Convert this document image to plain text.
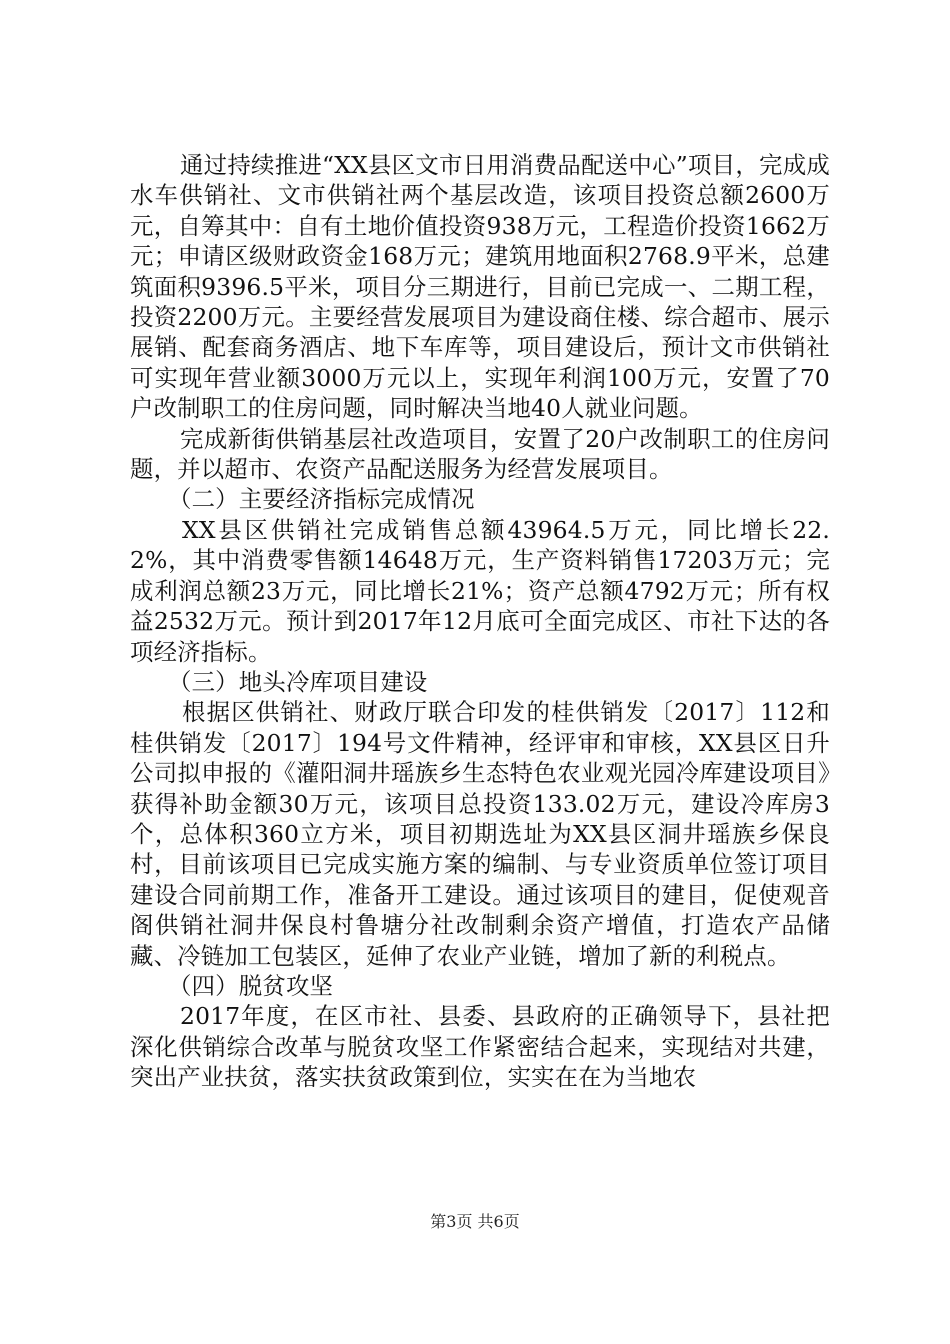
通过持续推进“XX县区文市日用消费品配送中心”项目，完成成水车供销社、文市供销社两个基层改造，该项目投资总额2600万元，自筹其中：自有土地价值投资938万元，工程造价投资1662万元；申请区级财政资金168万元；建筑用地面积2768.9平米，总建筑面积9396.5平米，项目分三期进行，目前已完成一、二期工程，投资2200万元。主要经营发展项目为建设商住楼、综合超市、展示展销、配套商务酒店、地下车库等，项目建设后，预计文市供销社可实现年营业额3000万元以上，实现年利润100万元，安置了70户改制职工的住房问题，同时解决当地40人就业问题。

完成新街供销基层社改造项目，安置了20户改制职工的住房问题，并以超市、农资产品配送服务为经营发展项目。

（二）主要经济指标完成情况

XX县区供销社完成销售总额43964.5万元，同比增长22.2%，其中消费零售额14648万元，生产资料销售17203万元；完成利润总额23万元，同比增长21%；资产总额4792万元；所有权益2532万元。预计到2017年12月底可全面完成区、市社下达的各项经济指标。

（三）地头冷库项目建设

根据区供销社、财政厅联合印发的桂供销发〔2017〕112和桂供销发〔2017〕194号文件精神，经评审和审核，XX县区日升公司拟申报的《灌阳洞井瑶族乡生态特色农业观光园冷库建设项目》获得补助金额30万元，该项目总投资133.02万元，建设冷库房3个，总体积360立方米，项目初期选址为XX县区洞井瑶族乡保良村，目前该项目已完成实施方案的编制、与专业资质单位签订项目建设合同前期工作，准备开工建设。通过该项目的建目，促使观音阁供销社洞井保良村鲁塘分社改制剩余资产增值，打造农产品储藏、冷链加工包装区，延伸了农业产业链，增加了新的利税点。

（四）脱贫攻坚

2017年度，在区市社、县委、县政府的正确领导下，县社把深化供销综合改革与脱贫攻坚工作紧密结合起来，实现结对共建，突出产业扶贫，落实扶贫政策到位，实实在在为当地农

第3页 共6页
